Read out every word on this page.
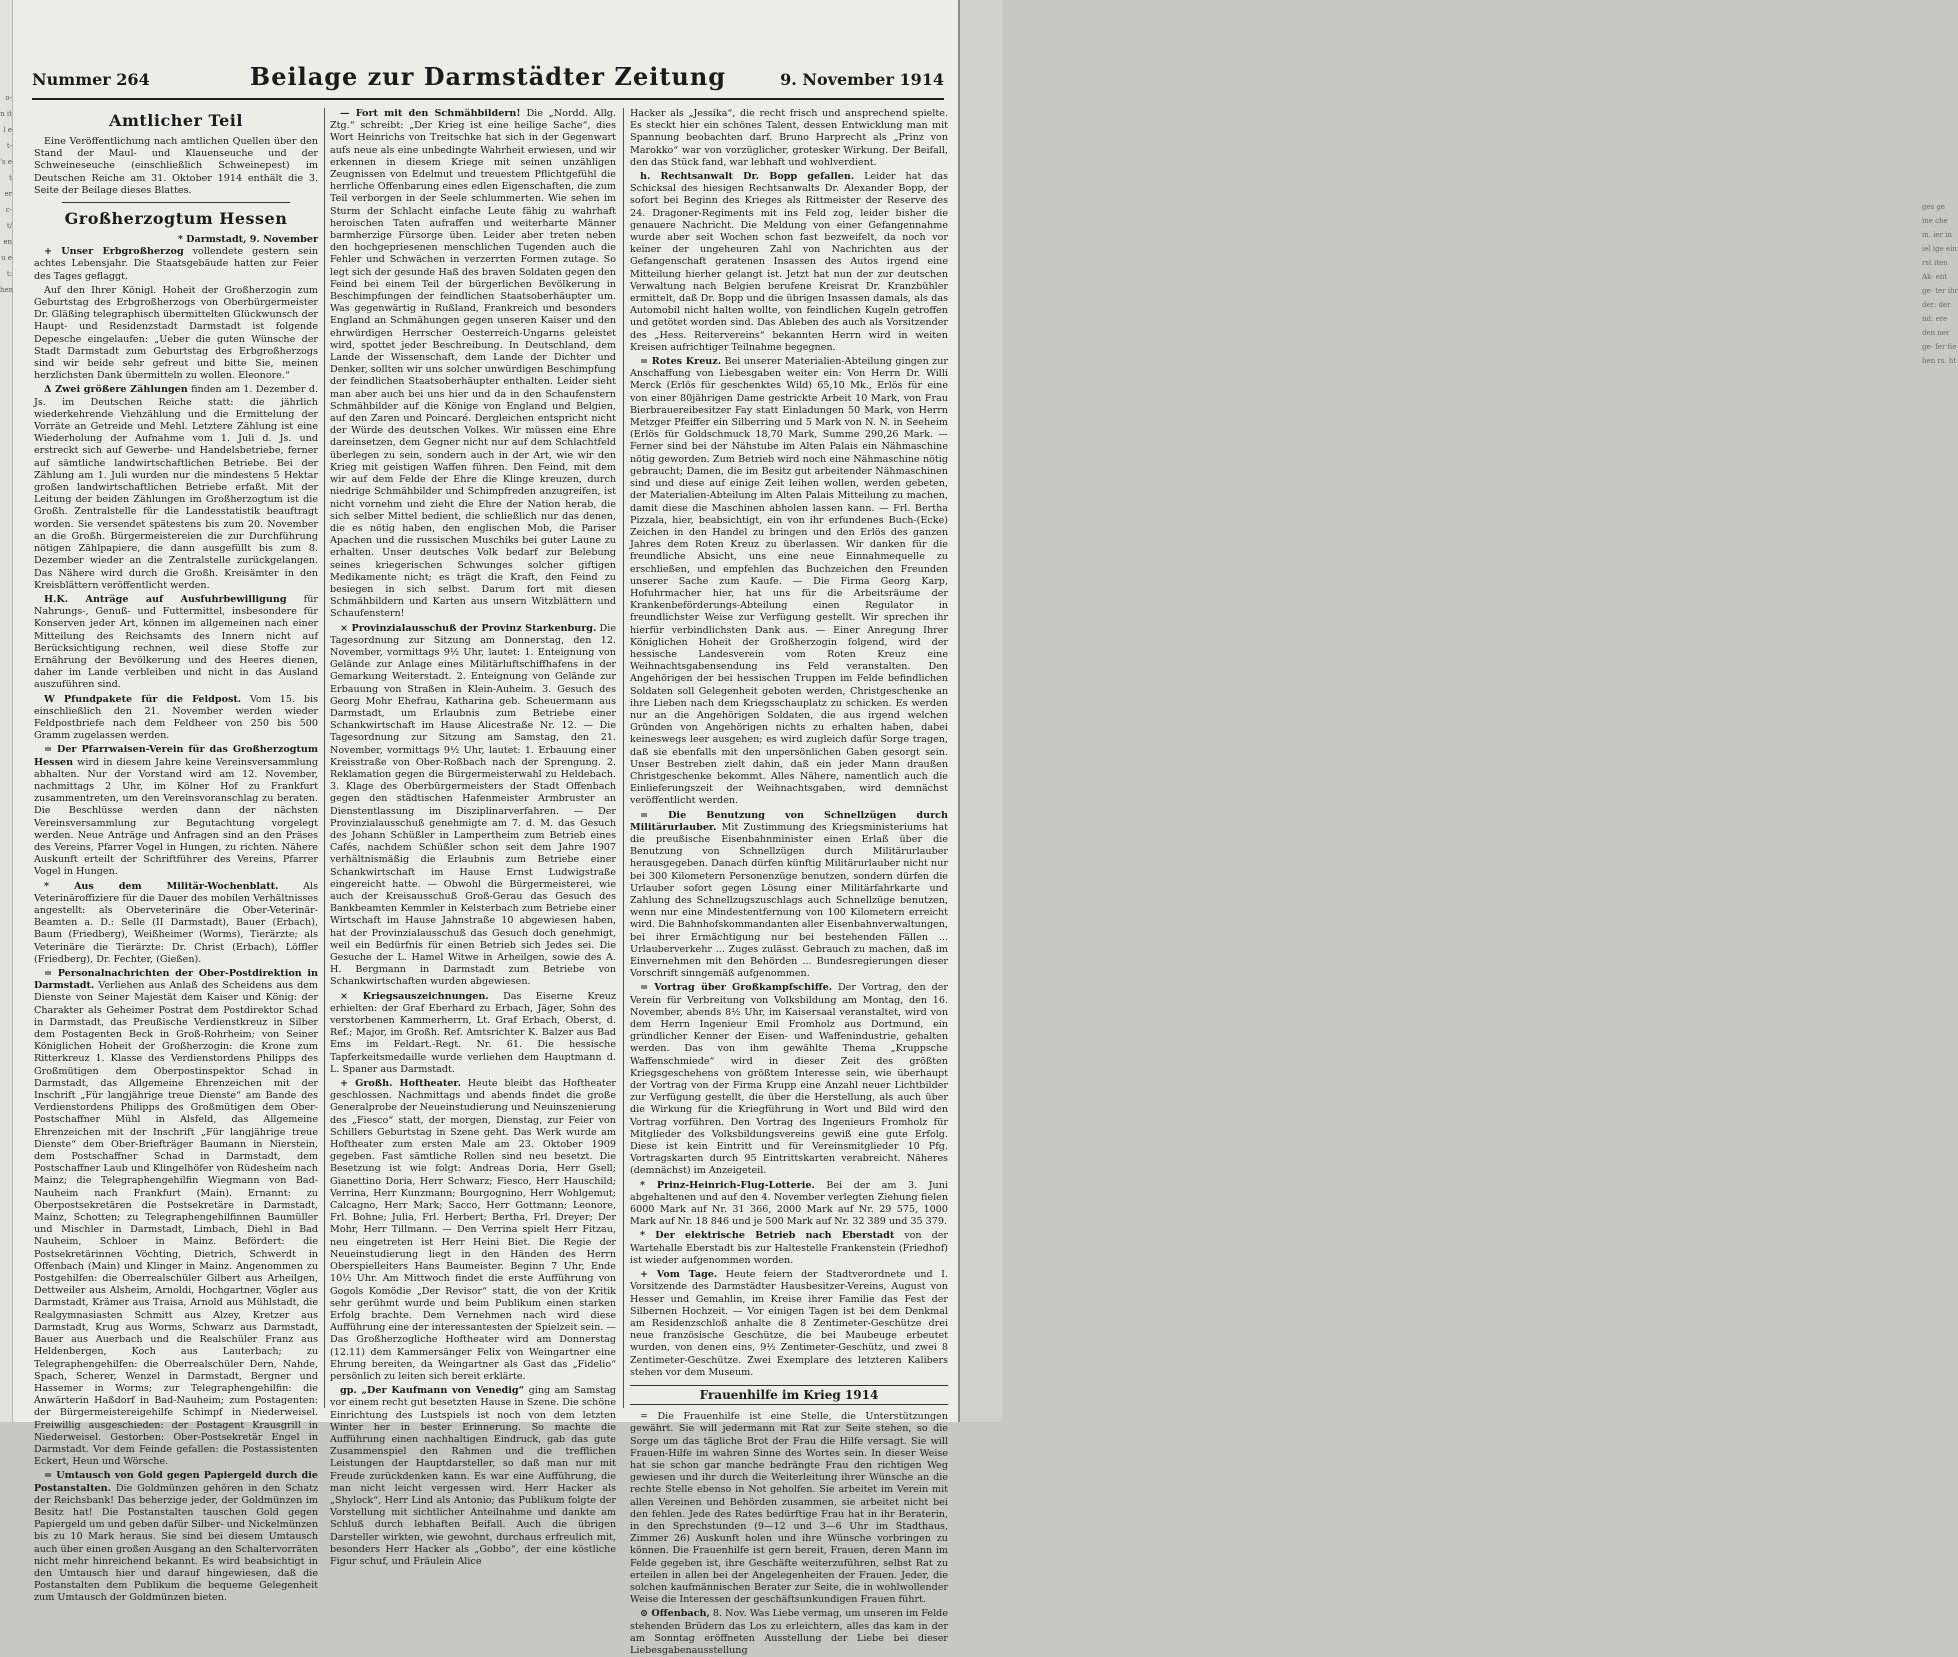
o- n it l e t- 's e t er c- t/ en u e t: hen
ges ge ine che in. ier in iel ige ein rst iten Ak- ent ge- ter ihr der: der nd: ere den ner ge- fer fie hen rs. ht
Nummer 264	Beilage zur Darmstädter Zeitung	9. November 1914
Amtlicher Teil

Eine Veröffentlichung nach amtlichen Quellen über den Stand der Maul- und Klauenseuche und der Schweineseuche (einschließlich Schweinepest) im Deutschen Reiche am 31. Oktober 1914 enthält die 3. Seite der Beilage dieses Blattes.

Großherzogtum Hessen
* Darmstadt, 9. November

+ Unser Erbgroßherzog vollendete gestern sein achtes Lebensjahr. Die Staatsgebäude hatten zur Feier des Tages geflaggt.

Auf den Ihrer Königl. Hoheit der Großherzogin zum Geburtstag des Erbgroßherzogs von Oberbürgermeister Dr. Gläßing telegraphisch übermittelten Glückwunsch der Haupt- und Residenzstadt Darmstadt ist folgende Depesche eingelaufen: „Ueber die guten Wünsche der Stadt Darmstadt zum Geburtstag des Erbgroßherzogs sind wir beide sehr gefreut und bitte Sie, meinen herzlichsten Dank übermitteln zu wollen. Eleonore.“

Δ Zwei größere Zählungen finden am 1. Dezember d. Js. im Deutschen Reiche statt: die jährlich wiederkehrende Viehzählung und die Ermittelung der Vorräte an Getreide und Mehl. Letztere Zählung ist eine Wiederholung der Aufnahme vom 1. Juli d. Js. und erstreckt sich auf Gewerbe- und Handelsbetriebe, ferner auf sämtliche landwirtschaftlichen Betriebe. Bei der Zählung am 1. Juli wurden nur die mindestens 5 Hektar großen landwirtschaftlichen Betriebe erfaßt. Mit der Leitung der beiden Zählungen im Großherzogtum ist die Großh. Zentralstelle für die Landesstatistik beauftragt worden. Sie versendet spätestens bis zum 20. November an die Großh. Bürgermeistereien die zur Durchführung nötigen Zählpapiere, die dann ausgefüllt bis zum 8. Dezember wieder an die Zentralstelle zurückgelangen. Das Nähere wird durch die Großh. Kreisämter in den Kreisblättern veröffentlicht werden.

H.K. Anträge auf Ausfuhrbewilligung für Nahrungs-, Genuß- und Futtermittel, insbesondere für Konserven jeder Art, können im allgemeinen nach einer Mitteilung des Reichsamts des Innern nicht auf Berücksichtigung rechnen, weil diese Stoffe zur Ernährung der Bevölkerung und des Heeres dienen, daher im Lande verbleiben und nicht in das Ausland auszuführen sind.

W Pfundpakete für die Feldpost. Vom 15. bis einschließlich den 21. November werden wieder Feldpostbriefe nach dem Feldheer von 250 bis 500 Gramm zugelassen werden.

= Der Pfarrwaisen-Verein für das Großherzogtum Hessen wird in diesem Jahre keine Vereinsversammlung abhalten. Nur der Vorstand wird am 12. November, nachmittags 2 Uhr, im Kölner Hof zu Frankfurt zusammentreten, um den Vereinsvoranschlag zu beraten. Die Beschlüsse werden dann der nächsten Vereinsversammlung zur Begutachtung vorgelegt werden. Neue Anträge und Anfragen sind an den Präses des Vereins, Pfarrer Vogel in Hungen, zu richten. Nähere Auskunft erteilt der Schriftführer des Vereins, Pfarrer Vogel in Hungen.

* Aus dem Militär-Wochenblatt. Als Veterinäroffiziere für die Dauer des mobilen Verhältnisses angestellt: als Oberveterinäre die Ober-Veterinär-Beamten a. D.: Selle (II Darmstadt), Bauer (Erbach), Baum (Friedberg), Weißheimer (Worms), Tierärzte; als Veterinäre die Tierärzte: Dr. Christ (Erbach), Löffler (Friedberg), Dr. Fechter, (Gießen).

= Personalnachrichten der Ober-Postdirektion in Darmstadt. Verliehen aus Anlaß des Scheidens aus dem Dienste von Seiner Majestät dem Kaiser und König: der Charakter als Geheimer Postrat dem Postdirektor Schad in Darmstadt, das Preußische Verdienstkreuz in Silber dem Postagenten Beck in Groß-Rohrheim; von Seiner Königlichen Hoheit der Großherzogin: die Krone zum Ritterkreuz 1. Klasse des Verdienstordens Philipps des Großmütigen dem Oberpostinspektor Schad in Darmstadt, das Allgemeine Ehrenzeichen mit der Inschrift „Für langjährige treue Dienste“ am Bande des Verdienstordens Philipps des Großmütigen dem Ober-Postschaffner Mühl in Alsfeld, das Allgemeine Ehrenzeichen mit der Inschrift „Für langjährige treue Dienste“ dem Ober-Briefträger Baumann in Nierstein, dem Postschaffner Schad in Darmstadt, dem Postschaffner Laub und Klingelhöfer von Rüdesheim nach Mainz; die Telegraphengehilfin Wiegmann von Bad-Nauheim nach Frankfurt (Main). Ernannt: zu Oberpostsekretären die Postsekretäre in Darmstadt, Mainz, Schotten; zu Telegraphengehilfinnen Baumüller und Mischler in Darmstadt, Limbach, Diehl in Bad Nauheim, Schloer in Mainz. Befördert: die Postsekretärinnen Vöchting, Dietrich, Schwerdt in Offenbach (Main) und Klinger in Mainz. Angenommen zu Postgehilfen: die Oberrealschüler Gilbert aus Arheilgen, Dettweiler aus Alsheim, Arnoldi, Hochgartner, Vögler aus Darmstadt, Krämer aus Traisa, Arnold aus Mühlstadt, die Realgymnasiasten Schmitt aus Alzey, Kretzer aus Darmstadt, Krug aus Worms, Schwarz aus Darmstadt, Bauer aus Auerbach und die Realschüler Franz aus Heldenbergen, Koch aus Lauterbach; zu Telegraphengehilfen: die Oberrealschüler Dern, Nahde, Spach, Scherer, Wenzel in Darmstadt, Bergner und Hassemer in Worms; zur Telegraphengehilfin: die Anwärterin Haßdorf in Bad-Nauheim; zum Postagenten: der Bürgermeistereigehilfe Schimpf in Niederweisel. Freiwillig ausgeschieden: der Postagent Krausgrill in Niederweisel. Gestorben: Ober-Postsekretär Engel in Darmstadt. Vor dem Feinde gefallen: die Postassistenten Eckert, Heun und Wörsche.

= Umtausch von Gold gegen Papiergeld durch die Postanstalten. Die Goldmünzen gehören in den Schatz der Reichsbank! Das beherzige jeder, der Goldmünzen im Besitz hat! Die Postanstalten tauschen Gold gegen Papiergeld um und geben dafür Silber- und Nickelmünzen bis zu 10 Mark heraus. Sie sind bei diesem Umtausch auch über einen großen Ausgang an den Schaltervorräten nicht mehr hinreichend bekannt. Es wird beabsichtigt in den Umtausch hier und darauf hingewiesen, daß die Postanstalten dem Publikum die bequeme Gelegenheit zum Umtausch der Goldmünzen bieten.

— Fort mit den Schmähbildern! Die „Nordd. Allg. Ztg.“ schreibt: „Der Krieg ist eine heilige Sache“, dies Wort Heinrichs von Treitschke hat sich in der Gegenwart aufs neue als eine unbedingte Wahrheit erwiesen, und wir erkennen in diesem Kriege mit seinen unzähligen Zeugnissen von Edelmut und treuestem Pflichtgefühl die herrliche Offenbarung eines edlen Eigenschaften, die zum Teil verborgen in der Seele schlummerten. Wie sehen im Sturm der Schlacht einfache Leute fähig zu wahrhaft heroischen Taten aufraffen und weiterharte Männer barmherzige Fürsorge üben. Leider aber treten neben den hochgepriesenen menschlichen Tugenden auch die Fehler und Schwächen in verzerrten Formen zutage. So legt sich der gesunde Haß des braven Soldaten gegen den Feind bei einem Teil der bürgerlichen Bevölkerung in Beschimpfungen der feindlichen Staatsoberhäupter um. Was gegenwärtig in Rußland, Frankreich und besonders England an Schmähungen gegen unseren Kaiser und den ehrwürdigen Herrscher Oesterreich-Ungarns geleistet wird, spottet jeder Beschreibung. In Deutschland, dem Lande der Wissenschaft, dem Lande der Dichter und Denker, sollten wir uns solcher unwürdigen Beschimpfung der feindlichen Staatsoberhäupter enthalten. Leider sieht man aber auch bei uns hier und da in den Schaufenstern Schmähbilder auf die Könige von England und Belgien, auf den Zaren und Poincaré. Dergleichen entspricht nicht der Würde des deutschen Volkes. Wir müssen eine Ehre dareinsetzen, dem Gegner nicht nur auf dem Schlachtfeld überlegen zu sein, sondern auch in der Art, wie wir den Krieg mit geistigen Waffen führen. Den Feind, mit dem wir auf dem Felde der Ehre die Klinge kreuzen, durch niedrige Schmähbilder und Schimpfreden anzugreifen, ist nicht vornehm und zieht die Ehre der Nation herab, die sich selber Mittel bedient, die schließlich nur das denen, die es nötig haben, den englischen Mob, die Pariser Apachen und die russischen Muschiks bei guter Laune zu erhalten. Unser deutsches Volk bedarf zur Belebung seines kriegerischen Schwunges solcher giftigen Medikamente nicht; es trägt die Kraft, den Feind zu besiegen in sich selbst. Darum fort mit diesen Schmähbildern und Karten aus unsern Witzblättern und Schaufenstern!

× Provinzialausschuß der Provinz Starkenburg. Die Tagesordnung zur Sitzung am Donnerstag, den 12. November, vormittags 9½ Uhr, lautet: 1. Enteignung von Gelände zur Anlage eines Militärluftschiffhafens in der Gemarkung Weiterstadt. 2. Enteignung von Gelände zur Erbauung von Straßen in Klein-Auheim. 3. Gesuch des Georg Mohr Ehefrau, Katharina geb. Scheuermann aus Darmstadt, um Erlaubnis zum Betriebe einer Schankwirtschaft im Hause Alicestraße Nr. 12. — Die Tagesordnung zur Sitzung am Samstag, den 21. November, vormittags 9½ Uhr, lautet: 1. Erbauung einer Kreisstraße von Ober-Roßbach nach der Sprengung. 2. Reklamation gegen die Bürgermeisterwahl zu Heldebach. 3. Klage des Oberbürgermeisters der Stadt Offenbach gegen den städtischen Hafenmeister Armbruster an Dienstentlassung im Disziplinarverfahren. — Der Provinzialausschuß genehmigte am 7. d. M. das Gesuch des Johann Schüßler in Lampertheim zum Betrieb eines Cafés, nachdem Schüßler schon seit dem Jahre 1907 verhältnismäßig die Erlaubnis zum Betriebe einer Schankwirtschaft im Hause Ernst Ludwigstraße eingereicht hatte. — Obwohl die Bürgermeisterei, wie auch der Kreisausschuß Groß-Gerau das Gesuch des Bankbeamten Kemmler in Kelsterbach zum Betriebe einer Wirtschaft im Hause Jahnstraße 10 abgewiesen haben, hat der Provinzialausschuß das Gesuch doch genehmigt, weil ein Bedürfnis für einen Betrieb sich Jedes sei. Die Gesuche der L. Hamel Witwe in Arheilgen, sowie des A. H. Bergmann in Darmstadt zum Betriebe von Schankwirtschaften wurden abgewiesen.

× Kriegsauszeichnungen. Das Eiserne Kreuz erhielten: der Graf Eberhard zu Erbach, Jäger, Sohn des verstorbenen Kammerherrn, Lt. Graf Erbach, Oberst, d. Ref.; Major, im Großh. Ref. Amtsrichter K. Balzer aus Bad Ems im Feldart.-Regt. Nr. 61. Die hessische Tapferkeitsmedaille wurde verliehen dem Hauptmann d. L. Spaner aus Darmstadt.

+ Großh. Hoftheater. Heute bleibt das Hoftheater geschlossen. Nachmittags und abends findet die große Generalprobe der Neueinstudierung und Neuinszenierung des „Fiesco“ statt, der morgen, Dienstag, zur Feier von Schillers Geburtstag in Szene geht. Das Werk wurde am Hoftheater zum ersten Male am 23. Oktober 1909 gegeben. Fast sämtliche Rollen sind neu besetzt. Die Besetzung ist wie folgt: Andreas Doria, Herr Gsell; Gianettino Doria, Herr Schwarz; Fiesco, Herr Hauschild; Verrina, Herr Kunzmann; Bourgognino, Herr Wohlgemut; Calcagno, Herr Mark; Sacco, Herr Gottmann; Leonore, Frl. Bohne; Julia, Frl. Herbert; Bertha, Frl. Dreyer; Der Mohr, Herr Tillmann. — Den Verrina spielt Herr Fitzau, neu eingetreten ist Herr Heini Biet. Die Regie der Neueinstudierung liegt in den Händen des Herrn Oberspielleiters Hans Baumeister. Beginn 7 Uhr, Ende 10½ Uhr. Am Mittwoch findet die erste Aufführung von Gogols Komödie „Der Revisor“ statt, die von der Kritik sehr gerühmt wurde und beim Publikum einen starken Erfolg brachte. Dem Vernehmen nach wird diese Aufführung eine der interessantesten der Spielzeit sein. — Das Großherzogliche Hoftheater wird am Donnerstag (12.11) dem Kammersänger Felix von Weingartner eine Ehrung bereiten, da Weingartner als Gast das „Fidelio“ persönlich zu leiten sich bereit erklärte.

gp. „Der Kaufmann von Venedig“ ging am Samstag vor einem recht gut besetzten Hause in Szene. Die schöne Einrichtung des Lustspiels ist noch von dem letzten Winter her in bester Erinnerung. So machte die Aufführung einen nachhaltigen Eindruck, gab das gute Zusammenspiel den Rahmen und die trefflichen Leistungen der Hauptdarsteller, so daß man nur mit Freude zurückdenken kann. Es war eine Aufführung, die man nicht leicht vergessen wird. Herr Hacker als „Shylock“, Herr Lind als Antonio; das Publikum folgte der Vorstellung mit sichtlicher Anteilnahme und dankte am Schluß durch lebhaften Beifall. Auch die übrigen Darsteller wirkten, wie gewohnt, durchaus erfreulich mit, besonders Herr Hacker als „Gobbo“, der eine köstliche Figur schuf, und Fräulein Alice

Hacker als „Jessika“, die recht frisch und ansprechend spielte. Es steckt hier ein schönes Talent, dessen Entwicklung man mit Spannung beobachten darf. Bruno Harprecht als „Prinz von Marokko“ war von vorzüglicher, grotesker Wirkung. Der Beifall, den das Stück fand, war lebhaft und wohlverdient.

h. Rechtsanwalt Dr. Bopp gefallen. Leider hat das Schicksal des hiesigen Rechtsanwalts Dr. Alexander Bopp, der sofort bei Beginn des Krieges als Rittmeister der Reserve des 24. Dragoner-Regiments mit ins Feld zog, leider bisher die genauere Nachricht. Die Meldung von einer Gefangennahme wurde aber seit Wochen schon fast bezweifelt, da noch vor keiner der ungeheuren Zahl von Nachrichten aus der Gefangenschaft geratenen Insassen des Autos irgend eine Mitteilung hierher gelangt ist. Jetzt hat nun der zur deutschen Verwaltung nach Belgien berufene Kreisrat Dr. Kranzbühler ermittelt, daß Dr. Bopp und die übrigen Insassen damals, als das Automobil nicht halten wollte, von feindlichen Kugeln getroffen und getötet worden sind. Das Ableben des auch als Vorsitzender des „Hess. Reitervereins“ bekannten Herrn wird in weiten Kreisen aufrichtiger Teilnahme begegnen.

= Rotes Kreuz. Bei unserer Materialien-Abteilung gingen zur Anschaffung von Liebesgaben weiter ein: Von Herrn Dr. Willi Merck (Erlös für geschenktes Wild) 65,10 Mk., Erlös für eine von einer 80jährigen Dame gestrickte Arbeit 10 Mark, von Frau Bierbrauereibesitzer Fay statt Einladungen 50 Mark, von Herrn Metzger Pfeiffer ein Silberring und 5 Mark von N. N. in Seeheim (Erlös für Goldschmuck 18,70 Mark, Summe 290,26 Mark. — Ferner sind bei der Nähstube im Alten Palais ein Nähmaschine nötig geworden. Zum Betrieb wird noch eine Nähmaschine nötig gebraucht; Damen, die im Besitz gut arbeitender Nähmaschinen sind und diese auf einige Zeit leihen wollen, werden gebeten, der Materialien-Abteilung im Alten Palais Mitteilung zu machen, damit diese die Maschinen abholen lassen kann. — Frl. Bertha Pizzala, hier, beabsichtigt, ein von ihr erfundenes Buch-(Ecke) Zeichen in den Handel zu bringen und den Erlös des ganzen Jahres dem Roten Kreuz zu überlassen. Wir danken für die freundliche Absicht, uns eine neue Einnahmequelle zu erschließen, und empfehlen das Buchzeichen den Freunden unserer Sache zum Kaufe. — Die Firma Georg Karp, Hofuhrmacher hier, hat uns für die Arbeitsräume der Krankenbeförderungs-Abteilung einen Regulator in freundlichster Weise zur Verfügung gestellt. Wir sprechen ihr hierfür verbindlichsten Dank aus. — Einer Anregung Ihrer Königlichen Hoheit der Großherzogin folgend, wird der hessische Landesverein vom Roten Kreuz eine Weihnachtsgabensendung ins Feld veranstalten. Den Angehörigen der bei hessischen Truppen im Felde befindlichen Soldaten soll Gelegenheit geboten werden, Christgeschenke an ihre Lieben nach dem Kriegsschauplatz zu schicken. Es werden nur an die Angehörigen Soldaten, die aus irgend welchen Gründen von Angehörigen nichts zu erhalten haben, dabei keineswegs leer ausgehen; es wird zugleich dafür Sorge tragen, daß sie ebenfalls mit den unpersönlichen Gaben gesorgt sein. Unser Bestreben zielt dahin, daß ein jeder Mann draußen Christgeschenke bekommt. Alles Nähere, namentlich auch die Einlieferungszeit der Weihnachtsgaben, wird demnächst veröffentlicht werden.

= Die Benutzung von Schnellzügen durch Militärurlauber. Mit Zustimmung des Kriegsministeriums hat die preußische Eisenbahnminister einen Erlaß über die Benutzung von Schnellzügen durch Militärurlauber herausgegeben. Danach dürfen künftig Militärurlauber nicht nur bei 300 Kilometern Personenzüge benutzen, sondern dürfen die Urlauber sofort gegen Lösung einer Militärfahrkarte und Zahlung des Schnellzugszuschlags auch Schnellzüge benutzen, wenn nur eine Mindestentfernung von 100 Kilometern erreicht wird. Die Bahnhofskommandanten aller Eisenbahnverwaltungen, bei ihrer Ermächtigung nur bei bestehenden Fällen ... Urlauberverkehr ... Zuges zulässt. Gebrauch zu machen, daß im Einvernehmen mit den Behörden ... Bundesregierungen dieser Vorschrift sinngemäß aufgenommen.

= Vortrag über Großkampfschiffe. Der Vortrag, den der Verein für Verbreitung von Volksbildung am Montag, den 16. November, abends 8½ Uhr, im Kaisersaal veranstaltet, wird von dem Herrn Ingenieur Emil Fromholz aus Dortmund, ein gründlicher Kenner der Eisen- und Waffenindustrie, gehalten werden. Das von ihm gewählte Thema „Kruppsche Waffenschmiede“ wird in dieser Zeit des größten Kriegsgeschehens von größtem Interesse sein, wie überhaupt der Vortrag von der Firma Krupp eine Anzahl neuer Lichtbilder zur Verfügung gestellt, die über die Herstellung, als auch über die Wirkung für die Kriegführung in Wort und Bild wird den Vortrag vorführen. Den Vortrag des Ingenieurs Fromholz für Mitglieder des Volksbildungsvereins gewiß eine gute Erfolg. Diese ist kein Eintritt und für Vereinsmitglieder 10 Pfg. Vortragskarten durch 95 Eintrittskarten verabreicht. Näheres (demnächst) im Anzeigeteil.

* Prinz-Heinrich-Flug-Lotterie. Bei der am 3. Juni abgehaltenen und auf den 4. November verlegten Ziehung fielen 6000 Mark auf Nr. 31 366, 2000 Mark auf Nr. 29 575, 1000 Mark auf Nr. 18 846 und je 500 Mark auf Nr. 32 389 und 35 379.

* Der elektrische Betrieb nach Eberstadt von der Wartehalle Eberstadt bis zur Haltestelle Frankenstein (Friedhof) ist wieder aufgenommen worden.

+ Vom Tage. Heute feiern der Stadtverordnete und I. Vorsitzende des Darmstädter Hausbesitzer-Vereins, August von Hesser und Gemahlin, im Kreise ihrer Familie das Fest der Silbernen Hochzeit. — Vor einigen Tagen ist bei dem Denkmal am Residenzschloß anhalte die 8 Zentimeter-Geschütze drei neue französische Geschütze, die bei Maubeuge erbeutet wurden, von denen eins, 9½ Zentimeter-Geschütz, und zwei 8 Zentimeter-Geschütze. Zwei Exemplare des letzteren Kalibers stehen vor dem Museum.

Frauenhilfe im Krieg 1914

= Die Frauenhilfe ist eine Stelle, die Unterstützungen gewährt. Sie will jedermann mit Rat zur Seite stehen, so die Sorge um das tägliche Brot der Frau die Hilfe versagt. Sie will Frauen-Hilfe im wahren Sinne des Wortes sein. In dieser Weise hat sie schon gar manche bedrängte Frau den richtigen Weg gewiesen und ihr durch die Weiterleitung ihrer Wünsche an die rechte Stelle ebenso in Not geholfen. Sie arbeitet im Verein mit allen Vereinen und Behörden zusammen, sie arbeitet nicht bei den fehlen. Jede des Rates bedürftige Frau hat in ihr Beraterin, in den Sprechstunden (9—12 und 3—6 Uhr im Stadthaus, Zimmer 26) Auskunft holen und ihre Wünsche vorbringen zu können. Die Frauenhilfe ist gern bereit, Frauen, deren Mann im Felde gegeben ist, ihre Geschäfte weiterzuführen, selbst Rat zu erteilen in allen bei der Angelegenheiten der Frauen. Jeder, die solchen kaufmännischen Berater zur Seite, die in wohlwollender Weise die Interessen der geschäftsunkundigen Frauen führt.

⊙ Offenbach, 8. Nov. Was Liebe vermag, um unseren im Felde stehenden Brüdern das Los zu erleichtern, alles das kam in der am Sonntag eröffneten Ausstellung der Liebe bei dieser Liebesgabenausstellung
